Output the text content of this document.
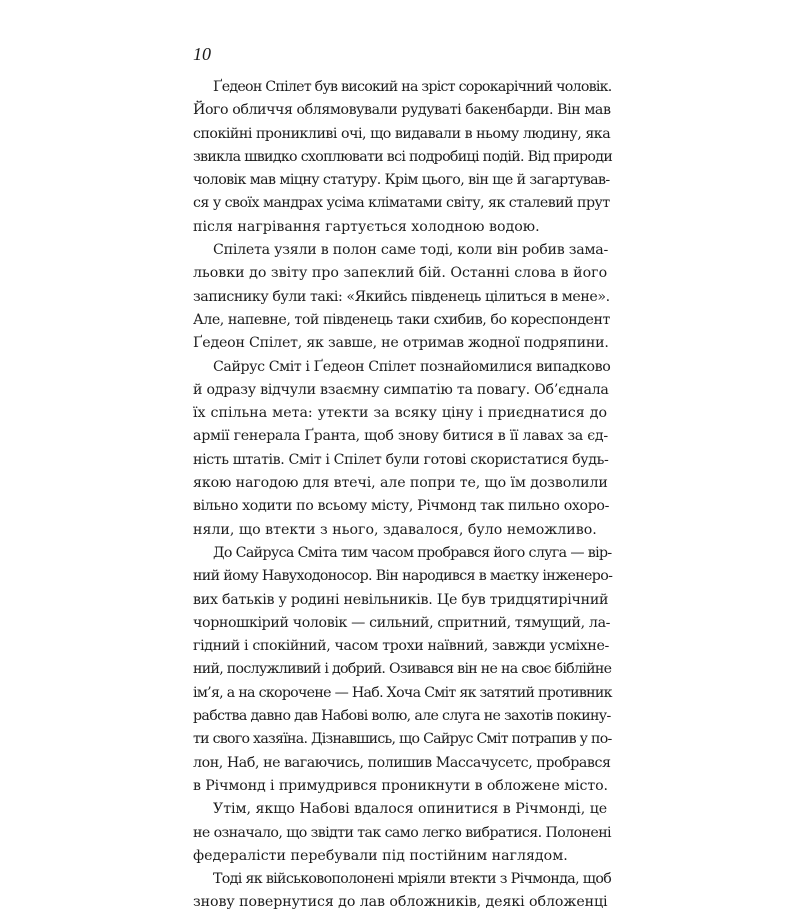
10
Ґедеон Спілет був високий на зріст сорокарічний чоловік.
Його обличчя облямовували рудуваті бакенбарди. Він мав
спокійні проникливі очі, що видавали в ньому людину, яка
звикла швидко схоплювати всі подробиці подій. Від природи
чоловік мав міцну статуру. Крім цього, він ще й загартував-
ся у своїх мандрах усіма кліматами світу, як сталевий прут
після нагрівання гартується холодною водою.
Спілета узяли в полон саме тоді, коли він робив зама-
льовки до звіту про запеклий бій. Останні слова в його
записнику були такі: «Якийсь південець цілиться в мене».
Але, напевне, той південець таки схибив, бо кореспондент
Ґедеон Спілет, як завше, не отримав жодної подряпини.
Сайрус Сміт і Ґедеон Спілет познайомилися випадково
й одразу відчули взаємну симпатію та повагу. Об’єднала
їх спільна мета: утекти за всяку ціну і приєднатися до
армії генерала Ґранта, щоб знову битися в її лавах за єд-
ність штатів. Сміт і Спілет були готові скористатися будь-
якою нагодою для втечі, але попри те, що їм дозволили
вільно ходити по всьому місту, Річмонд так пильно охоро-
няли, що втекти з нього, здавалося, було неможливо.
До Сайруса Сміта тим часом пробрався його слуга — вір-
ний йому Навуходоносор. Він народився в маєтку інженеро-
вих батьків у родині невільників. Це був тридцятирічний
чорношкірий чоловік — сильний, спритний, тямущий, ла-
гідний і спокійний, часом трохи наївний, завжди усміхне-
ний, послужливий і добрий. Озивався він не на своє біблійне
ім’я, а на скорочене — Наб. Хоча Сміт як затятий противник
рабства давно дав Набові волю, але слуга не захотів покину-
ти свого хазяїна. Дізнавшись, що Сайрус Сміт потрапив у по-
лон, Наб, не вагаючись, полишив Массачусетс, пробрався
в Річмонд і примудрився проникнути в обложене місто.
Утім, якщо Набові вдалося опинитися в Річмонді, це
не означало, що звідти так само легко вибратися. Полонені
федералісти перебували під постійним наглядом.
Тоді як військовополонені мріяли втекти з Річмонда, щоб
знову повернутися до лав обложників, деякі обложенці
